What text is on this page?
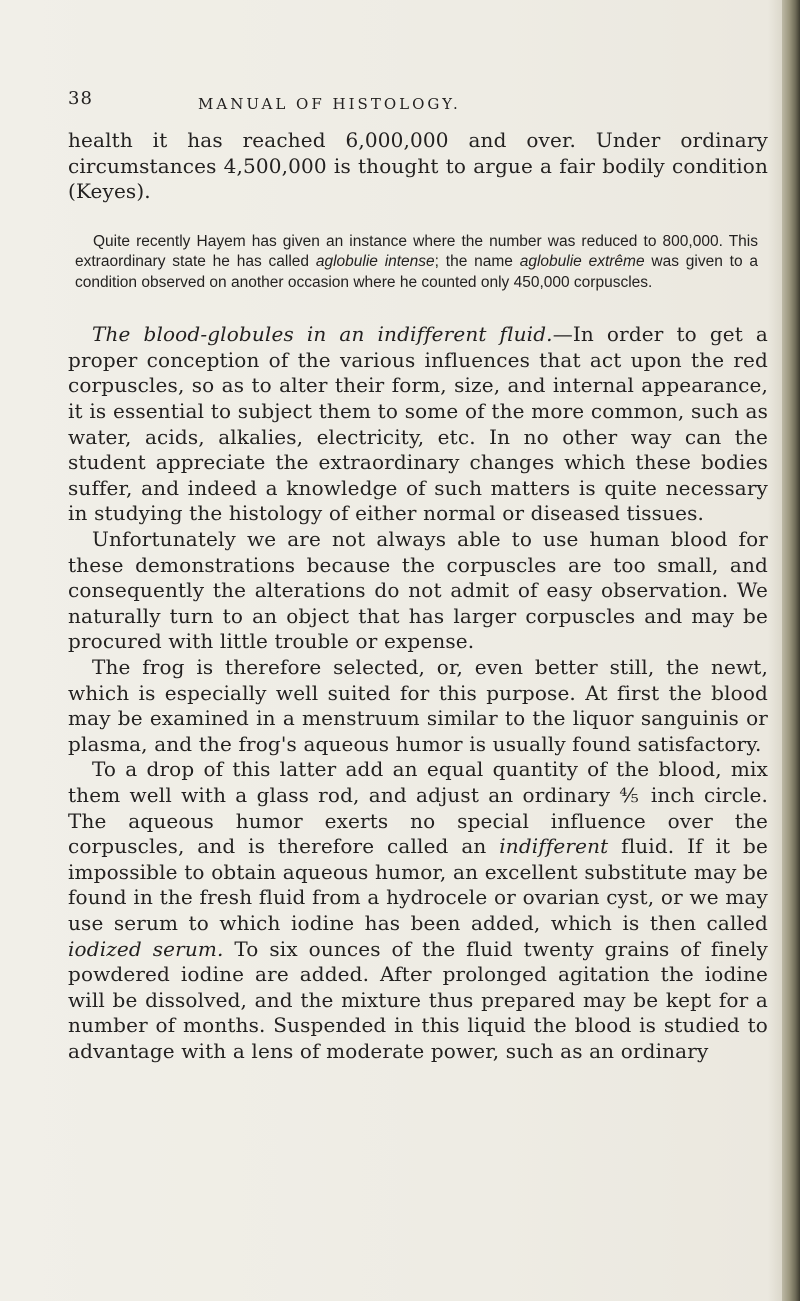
38	MANUAL OF HISTOLOGY.

health it has reached 6,000,000 and over. Under ordinary circumstances 4,500,000 is thought to argue a fair bodily condition (Keyes).

Quite recently Hayem has given an instance where the number was reduced to 800,000. This extraordinary state he has called aglobulie intense; the name aglobulie extrême was given to a condition observed on another occasion where he counted only 450,000 corpuscles.

The blood-globules in an indifferent fluid.—In order to get a proper conception of the various influences that act upon the red corpuscles, so as to alter their form, size, and internal appearance, it is essential to subject them to some of the more common, such as water, acids, alkalies, electricity, etc. In no other way can the student appreciate the extraordinary changes which these bodies suffer, and indeed a knowledge of such matters is quite necessary in studying the histology of either normal or diseased tissues.

Unfortunately we are not always able to use human blood for these demonstrations because the corpuscles are too small, and consequently the alterations do not admit of easy observation. We naturally turn to an object that has larger corpuscles and may be procured with little trouble or expense.

The frog is therefore selected, or, even better still, the newt, which is especially well suited for this purpose. At first the blood may be examined in a menstruum similar to the liquor sanguinis or plasma, and the frog's aqueous humor is usually found satisfactory.

To a drop of this latter add an equal quantity of the blood, mix them well with a glass rod, and adjust an ordinary ⅘ inch circle. The aqueous humor exerts no special influence over the corpuscles, and is therefore called an indifferent fluid. If it be impossible to obtain aqueous humor, an excellent substitute may be found in the fresh fluid from a hydrocele or ovarian cyst, or we may use serum to which iodine has been added, which is then called iodized serum. To six ounces of the fluid twenty grains of finely powdered iodine are added. After prolonged agitation the iodine will be dissolved, and the mixture thus prepared may be kept for a number of months. Suspended in this liquid the blood is studied to advantage with a lens of moderate power, such as an ordinary
